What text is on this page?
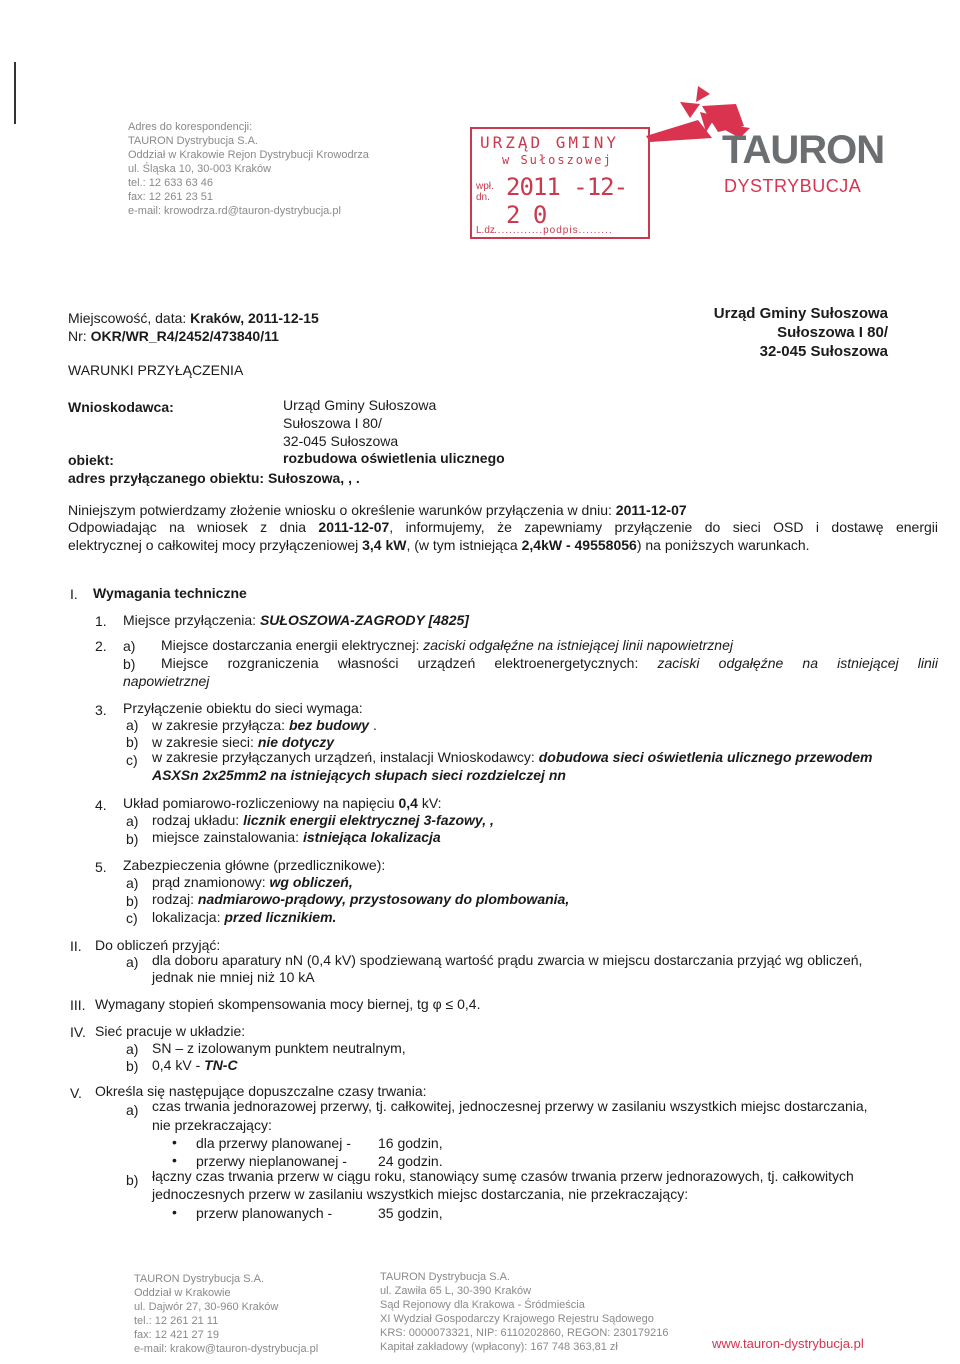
Adres do korespondencji:
TAURON Dystrybucja S.A.
Oddział w Krakowie Rejon Dystrybucji Krowodrza
ul. Śląska 10, 30-003 Kraków
tel.: 12 633 63 46
fax: 12 261 23 51
e-mail: krowodrza.rd@tauron-dystrybucja.pl
URZĄD GMINY
w Sułoszowej
wpł.
dn. 2011 -12- 2 0
L.dz .............podpis.........
TAURON
DYSTRYBUCJA
Miejscowość, data: Kraków, 2011-12-15
Nr: OKR/WR_R4/2452/473840/11
Urząd Gminy Sułoszowa
Sułoszowa I 80/
32-045 Sułoszowa
WARUNKI PRZYŁĄCZENIA
Wnioskodawca:	Urząd Gminy Sułoszowa
Sułoszowa I 80/
32-045 Sułoszowa
obiekt:	rozbudowa oświetlenia ulicznego
adres przyłączanego obiektu: Sułoszowa, , .
Niniejszym potwierdzamy złożenie wniosku o określenie warunków przyłączenia w dniu: 2011-12-07
Odpowiadając na wniosek z dnia 2011-12-07, informujemy, że zapewniamy przyłączenie do sieci OSD i dostawę energii
elektrycznej o całkowitej mocy przyłączeniowej 3,4 kW, (w tym istniejąca 2,4kW - 49558056) na poniższych warunkach.
I. Wymagania techniczne
1. Miejsce przyłączenia: SUŁOSZOWA-ZAGRODY [4825]
2. a) Miejsce dostarczania energii elektrycznej: zaciski odgałęźne na istniejącej linii napowietrznej
b) Miejsce rozgraniczenia własności urządzeń elektroenergetycznych: zaciski odgałęźne na istniejącej linii
napowietrznej
3. Przyłączenie obiektu do sieci wymaga:
a) w zakresie przyłącza: bez budowy .
b) w zakresie sieci: nie dotyczy
c) w zakresie przyłączanych urządzeń, instalacji Wnioskodawcy: dobudowa sieci oświetlenia ulicznego przewodem
ASXSn 2x25mm2 na istniejących słupach sieci rozdzielczej nn
4. Układ pomiarowo-rozliczeniowy na napięciu 0,4 kV:
a) rodzaj układu: licznik energii elektrycznej 3-fazowy, ,
b) miejsce zainstalowania: istniejąca lokalizacja
5. Zabezpieczenia główne (przedlicznikowe):
a) prąd znamionowy: wg obliczeń,
b) rodzaj: nadmiarowo-prądowy, przystosowany do plombowania,
c) lokalizacja: przed licznikiem.
II. Do obliczeń przyjąć:
a) dla doboru aparatury nN (0,4 kV) spodziewaną wartość prądu zwarcia w miejscu dostarczania przyjąć wg obliczeń,
jednak nie mniej niż 10 kA
III. Wymagany stopień skompensowania mocy biernej, tg φ ≤ 0,4.
IV. Sieć pracuje w układzie:
a) SN – z izolowanym punktem neutralnym,
b) 0,4 kV - TN-C
V. Określa się następujące dopuszczalne czasy trwania:
a) czas trwania jednorazowej przerwy, tj. całkowitej, jednoczesnej przerwy w zasilaniu wszystkich miejsc dostarczania,
nie przekraczający:
• dla przerwy planowanej - 16 godzin,
• przerwy nieplanowanej - 24 godzin.
b) łączny czas trwania przerw w ciągu roku, stanowiący sumę czasów trwania przerw jednorazowych, tj. całkowitych
jednoczesnych przerw w zasilaniu wszystkich miejsc dostarczania, nie przekraczający:
• przerw planowanych -	35 godzin,
TAURON Dystrybucja S.A.
Oddział w Krakowie
ul. Dajwór 27, 30-960 Kraków
tel.: 12 261 21 11
fax: 12 421 27 19
e-mail: krakow@tauron-dystrybucja.pl
TAURON Dystrybucja S.A.
ul. Zawiła 65 L, 30-390 Kraków
Sąd Rejonowy dla Krakowa - Śródmieścia
XI Wydział Gospodarczy Krajowego Rejestru Sądowego
KRS: 0000073321, NIP: 6110202860, REGON: 230179216
Kapitał zakładowy (wpłacony): 167 748 363,81 zł	www.tauron-dystrybucja.pl
